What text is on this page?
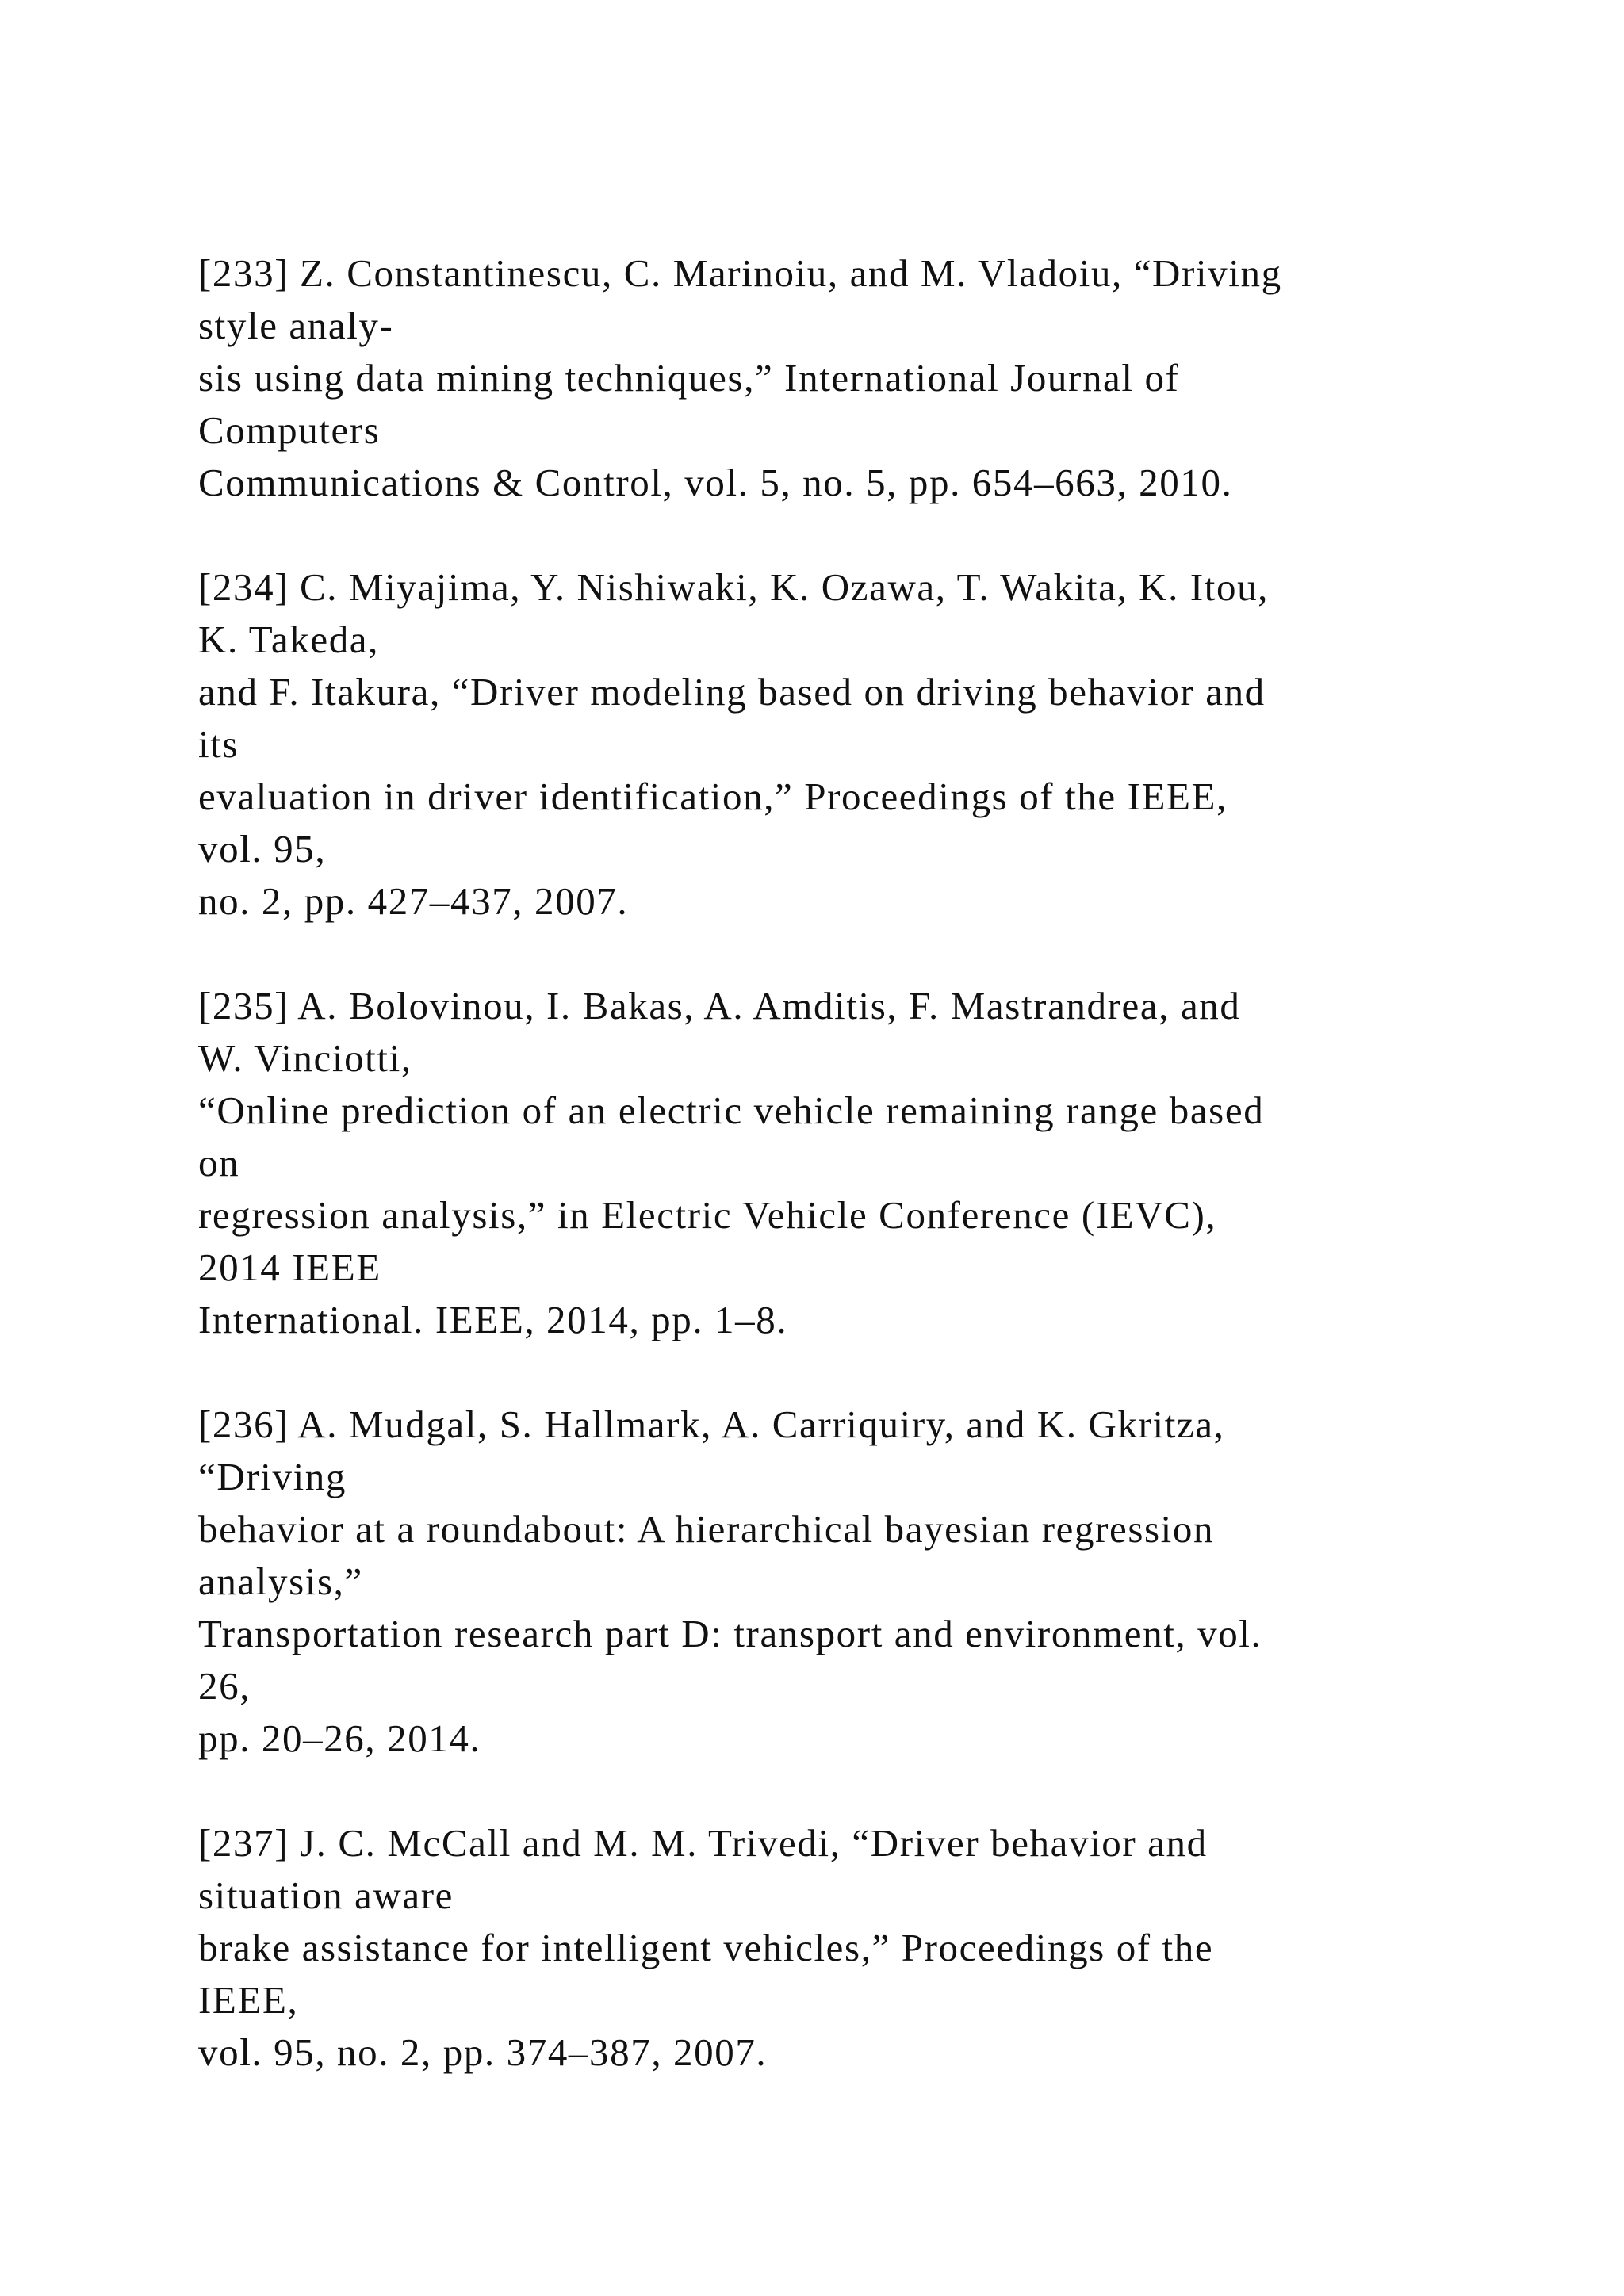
[233] Z. Constantinescu, C. Marinoiu, and M. Vladoiu, “Driving
style analy-
sis using data mining techniques,” International Journal of
Computers
Communications & Control, vol. 5, no. 5, pp. 654–663, 2010.
[234] C. Miyajima, Y. Nishiwaki, K. Ozawa, T. Wakita, K. Itou,
K. Takeda,
and F. Itakura, “Driver modeling based on driving behavior and
its
evaluation in driver identification,” Proceedings of the IEEE,
vol. 95,
no. 2, pp. 427–437, 2007.
[235] A. Bolovinou, I. Bakas, A. Amditis, F. Mastrandrea, and
W. Vinciotti,
“Online prediction of an electric vehicle remaining range based
on
regression analysis,” in Electric Vehicle Conference (IEVC),
2014 IEEE
International. IEEE, 2014, pp. 1–8.
[236] A. Mudgal, S. Hallmark, A. Carriquiry, and K. Gkritza,
“Driving
behavior at a roundabout: A hierarchical bayesian regression
analysis,”
Transportation research part D: transport and environment, vol.
26,
pp. 20–26, 2014.
[237] J. C. McCall and M. M. Trivedi, “Driver behavior and
situation aware
brake assistance for intelligent vehicles,” Proceedings of the
IEEE,
vol. 95, no. 2, pp. 374–387, 2007.
